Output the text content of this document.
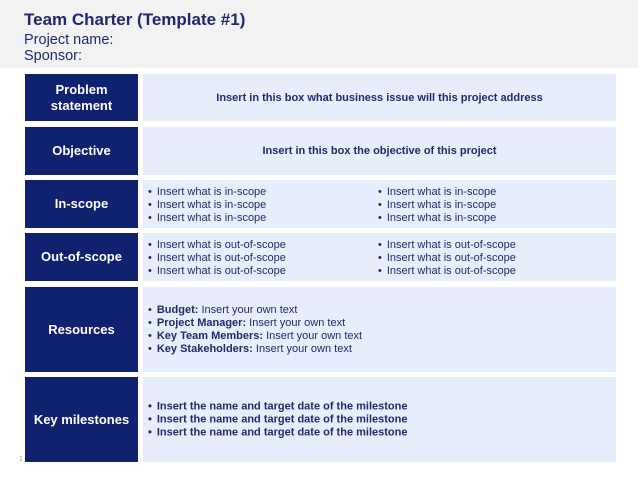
Team Charter (Template #1)
Project name:
Sponsor:
Problem statement	Insert in this box what business issue will this project address
Objective	Insert in this box the objective of this project
In-scope
• Insert what is in-scope
• Insert what is in-scope
• Insert what is in-scope
• Insert what is in-scope
• Insert what is in-scope
• Insert what is in-scope
Out-of-scope
• Insert what is out-of-scope
• Insert what is out-of-scope
• Insert what is out-of-scope
• Insert what is out-of-scope
• Insert what is out-of-scope
• Insert what is out-of-scope
Resources
• Budget: Insert your own text
• Project Manager: Insert your own text
• Key Team Members: Insert your own text
• Key Stakeholders: Insert your own text
Key milestones
• Insert the name and target date of the milestone
• Insert the name and target date of the milestone
• Insert the name and target date of the milestone
1
